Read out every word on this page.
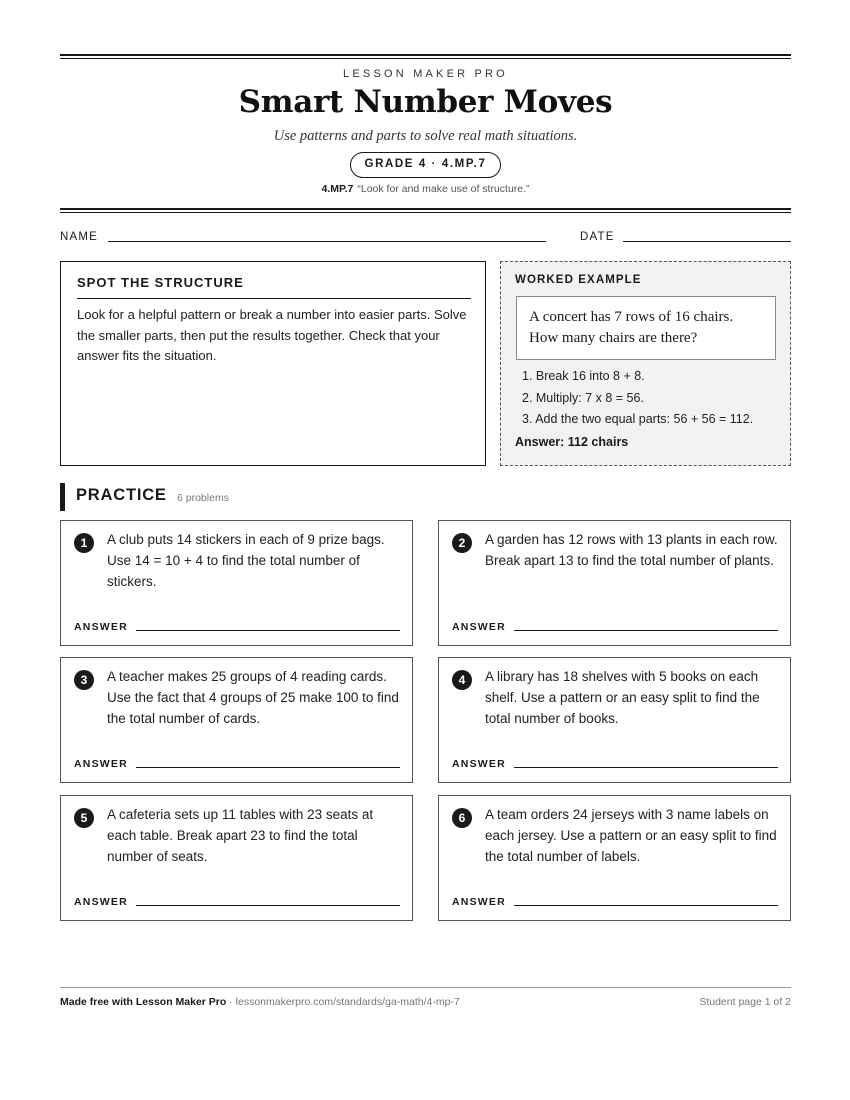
LESSON MAKER PRO
Smart Number Moves
Use patterns and parts to solve real math situations.
GRADE 4 · 4.MP.7
4.MP.7 “Look for and make use of structure.”
NAME	DATE
SPOT THE STRUCTURE
Look for a helpful pattern or break a number into easier parts. Solve the smaller parts, then put the results together. Check that your answer fits the situation.
WORKED EXAMPLE
A concert has 7 rows of 16 chairs. How many chairs are there?
1. Break 16 into 8 + 8.
2. Multiply: 7 x 8 = 56.
3. Add the two equal parts: 56 + 56 = 112.
Answer: 112 chairs
PRACTICE 6 problems
1	A club puts 14 stickers in each of 9 prize bags. Use 14 = 10 + 4 to find the total number of stickers.
ANSWER
2	A garden has 12 rows with 13 plants in each row. Break apart 13 to find the total number of plants.
ANSWER
3	A teacher makes 25 groups of 4 reading cards. Use the fact that 4 groups of 25 make 100 to find the total number of cards.
ANSWER
4	A library has 18 shelves with 5 books on each shelf. Use a pattern or an easy split to find the total number of books.
ANSWER
5	A cafeteria sets up 11 tables with 23 seats at each table. Break apart 23 to find the total number of seats.
ANSWER
6	A team orders 24 jerseys with 3 name labels on each jersey. Use a pattern or an easy split to find the total number of labels.
ANSWER
Made free with Lesson Maker Pro · lessonmakerpro.com/standards/ga-math/4-mp-7	Student page 1 of 2
